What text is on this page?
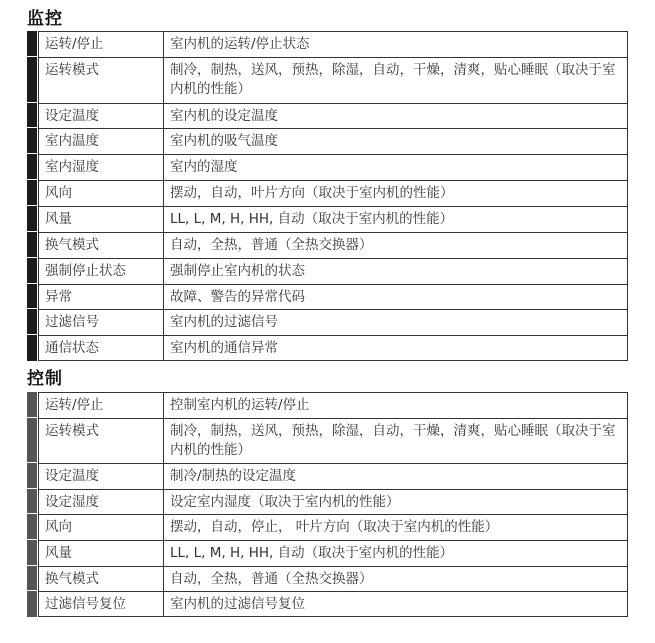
监控
运转/停止	室内机的运转/停止状态
运转模式	制冷，制热，送风，预热，除湿，自动，干燥，清爽，贴心睡眠（取决于室内机的性能）
设定温度	室内机的设定温度
室内温度	室内机的吸气温度
室内湿度	室内的湿度
风向	摆动，自动，叶片方向（取决于室内机的性能）
风量	LL, L, M, H, HH, 自动（取决于室内机的性能）
换气模式	自动，全热，普通（全热交换器）
强制停止状态	强制停止室内机的状态
异常	故障、警告的异常代码
过滤信号	室内机的过滤信号
通信状态	室内机的通信异常
控制
运转/停止	控制室内机的运转/停止
运转模式	制冷，制热，送风，预热，除湿，自动，干燥，清爽，贴心睡眠（取决于室内机的性能）
设定温度	制冷/制热的设定温度
设定湿度	设定室内湿度（取决于室内机的性能）
风向	摆动，自动，停止， 叶片方向（取决于室内机的性能）
风量	LL, L, M, H, HH, 自动（取决于室内机的性能）
换气模式	自动，全热，普通（全热交换器）
过滤信号复位	室内机的过滤信号复位
